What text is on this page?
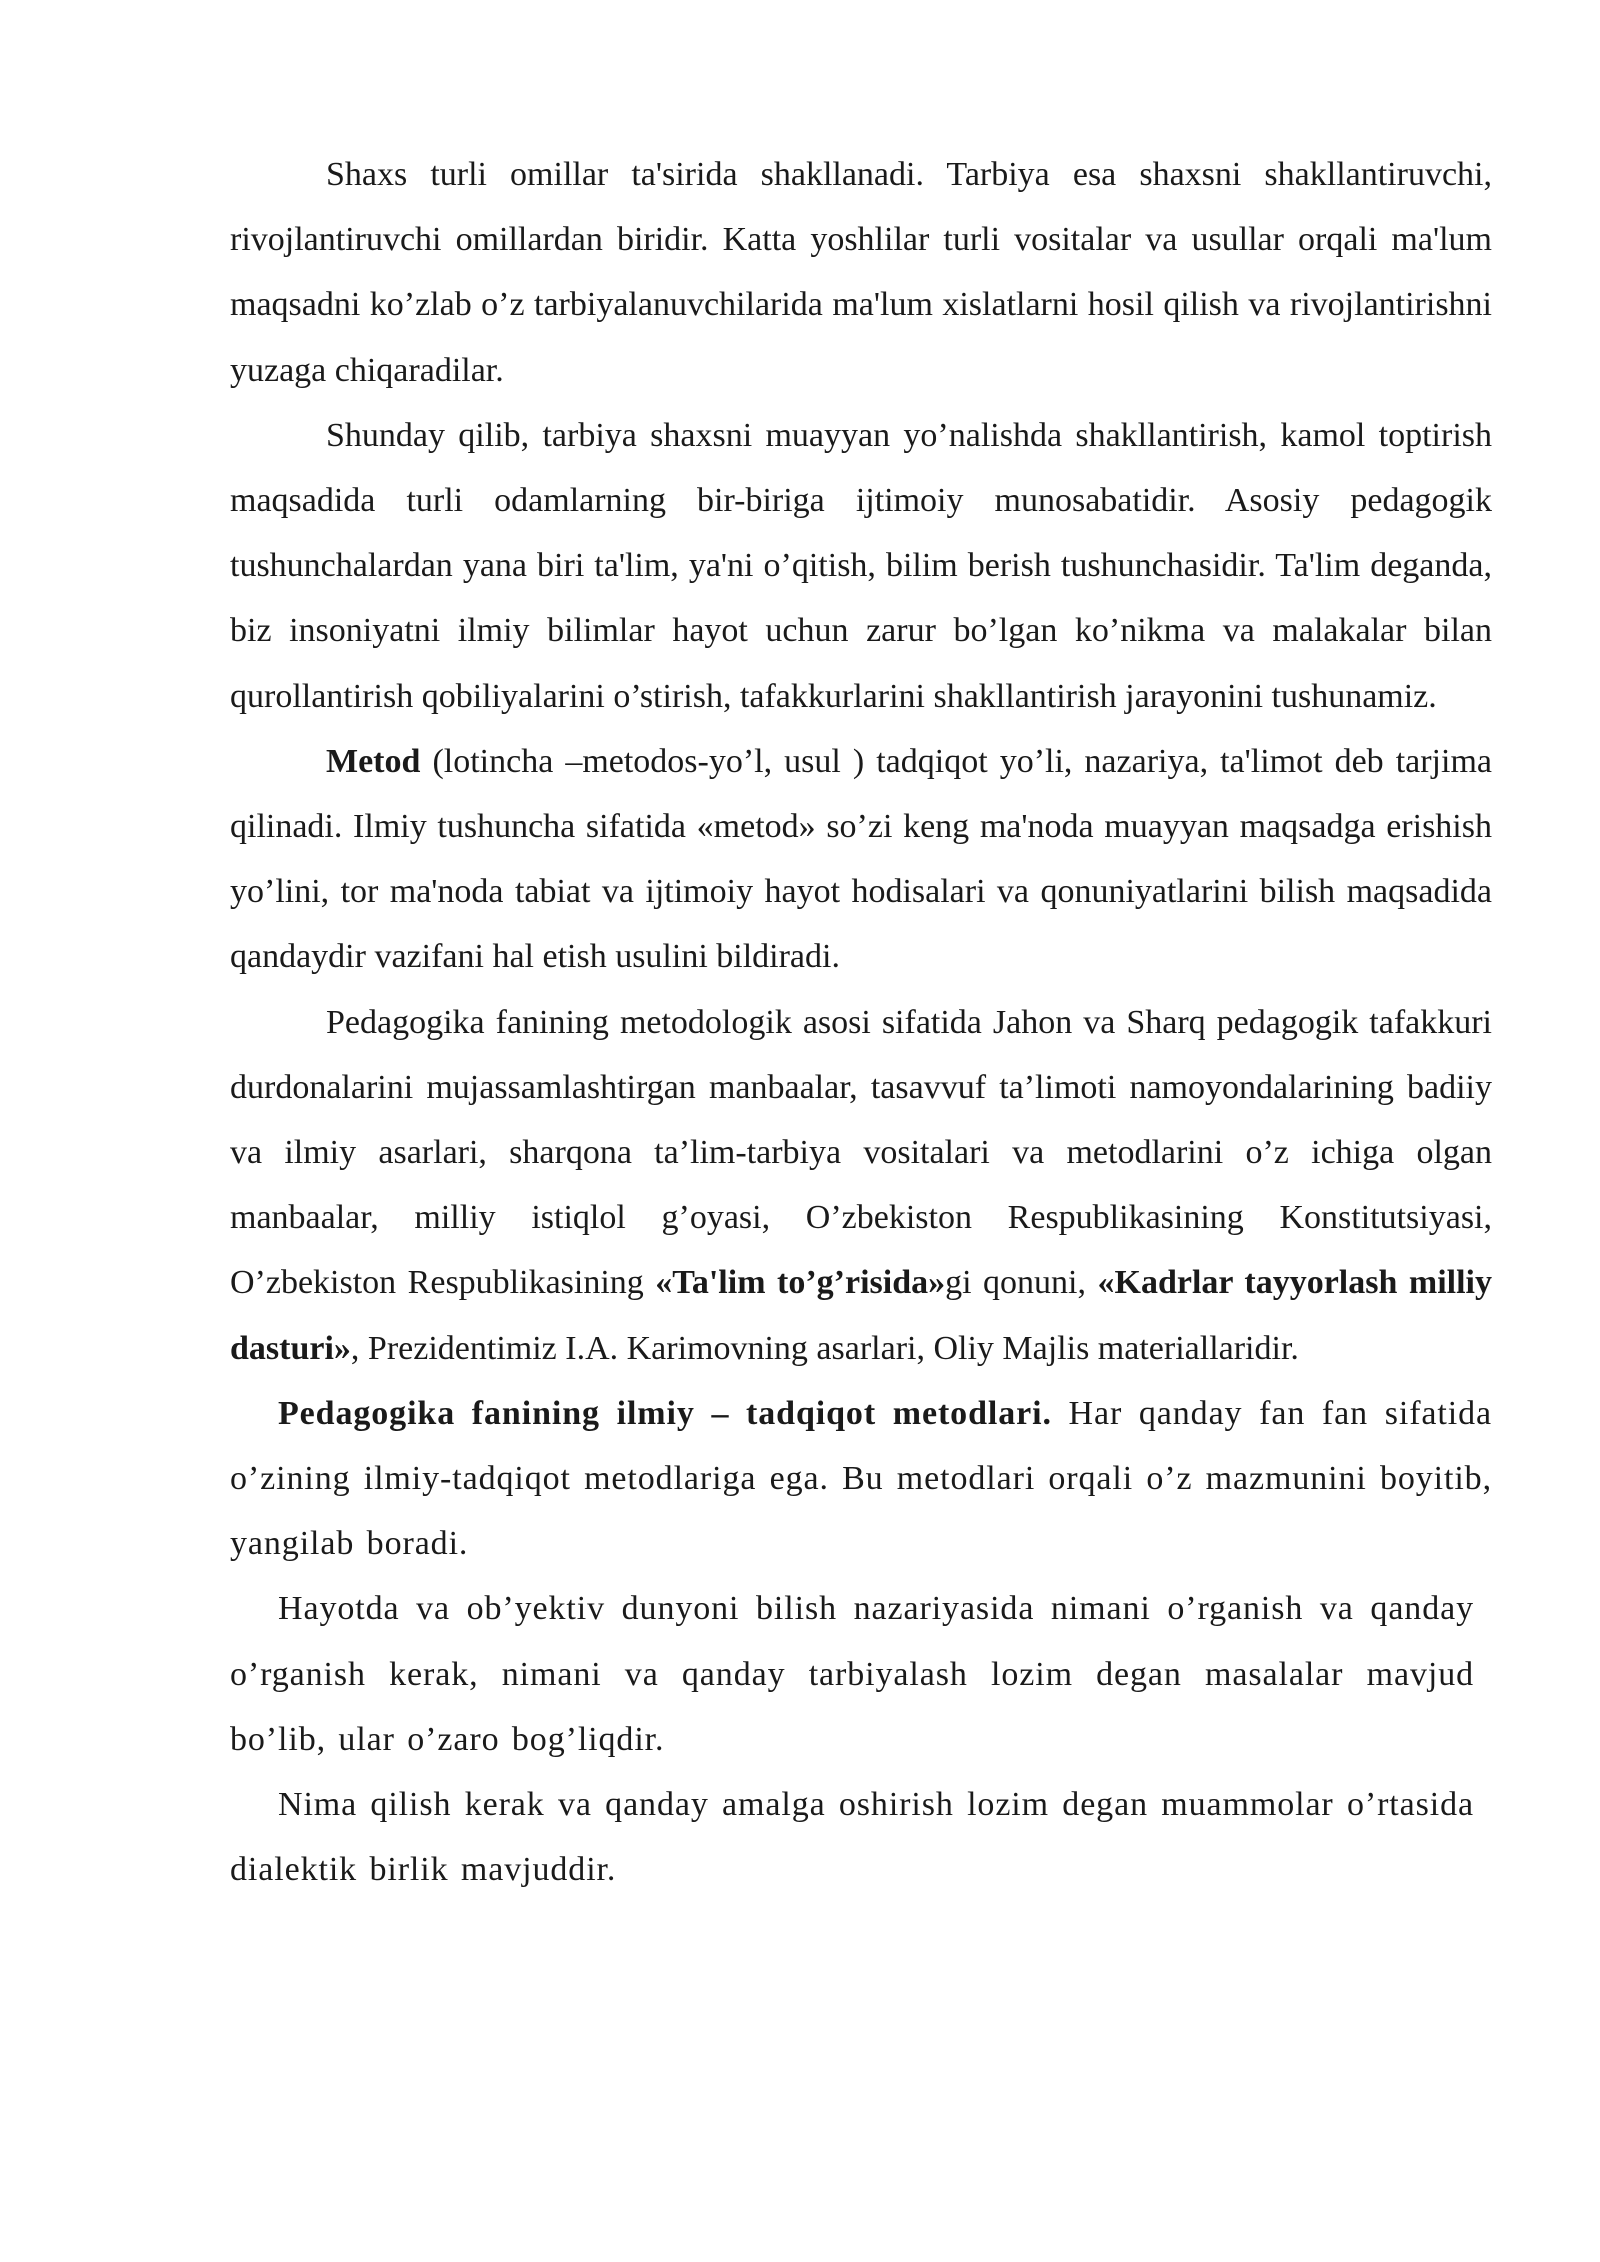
Shaxs turli omillar ta'sirida shakllanadi. Tarbiya esa shaxsni shakllantiruvchi, rivojlantiruvchi omillardan biridir. Katta yoshlilar turli vositalar va usullar orqali ma'lum maqsadni ko’zlab o’z tarbiyalanuvchilarida ma'lum xislatlarni hosil qilish va rivojlantirishni yuzaga chiqaradilar.

Shunday qilib, tarbiya shaxsni muayyan yo’nalishda shakllantirish, kamol toptirish maqsadida turli odamlarning bir-biriga ijtimoiy munosabatidir. Asosiy pedagogik tushunchalardan yana biri ta'lim, ya'ni o’qitish, bilim berish tushunchasidir. Ta'lim deganda, biz insoniyatni ilmiy bilimlar hayot uchun zarur bo’lgan ko’nikma va malakalar bilan qurollantirish qobiliyalarini o’stirish, tafakkurlarini shakllantirish jarayonini tushunamiz.

Metod (lotincha –metodos-yo’l, usul ) tadqiqot yo’li, nazariya, ta'limot deb tarjima qilinadi. Ilmiy tushuncha sifatida «metod» so’zi keng ma'noda muayyan maqsadga erishish yo’lini, tor ma'noda tabiat va ijtimoiy hayot hodisalari va qonuniyatlarini bilish maqsadida qandaydir vazifani hal etish usulini bildiradi.

Pedagogika fanining metodologik asosi sifatida Jahon va Sharq pedagogik tafakkuri durdonalarini mujassamlashtirgan manbaalar, tasavvuf ta’limoti namoyondalarining badiiy va ilmiy asarlari, sharqona ta’lim-tarbiya vositalari va metodlarini o’z ichiga olgan manbaalar, milliy istiqlol g’oyasi, O’zbekiston Respublikasining Konstitutsiyasi, O’zbekiston Respublikasining «Ta'lim to’g’risida»gi qonuni, «Kadrlar tayyorlash milliy dasturi», Prezidentimiz I.A. Karimovning asarlari, Oliy Majlis materiallaridir.

Pedagogika fanining ilmiy – tadqiqot metodlari. Har qanday fan fan sifatida o’zining ilmiy-tadqiqot metodlariga ega. Bu metodlari orqali o’z mazmunini boyitib, yangilab boradi.

Hayotda va ob’yektiv dunyoni bilish nazariyasida nimani o’rganish va qanday o’rganish kerak, nimani va qanday tarbiyalash lozim degan masalalar mavjud bo’lib, ular o’zaro bog’liqdir.

Nima qilish kerak va qanday amalga oshirish lozim degan muammolar o’rtasida dialektik birlik mavjuddir.
